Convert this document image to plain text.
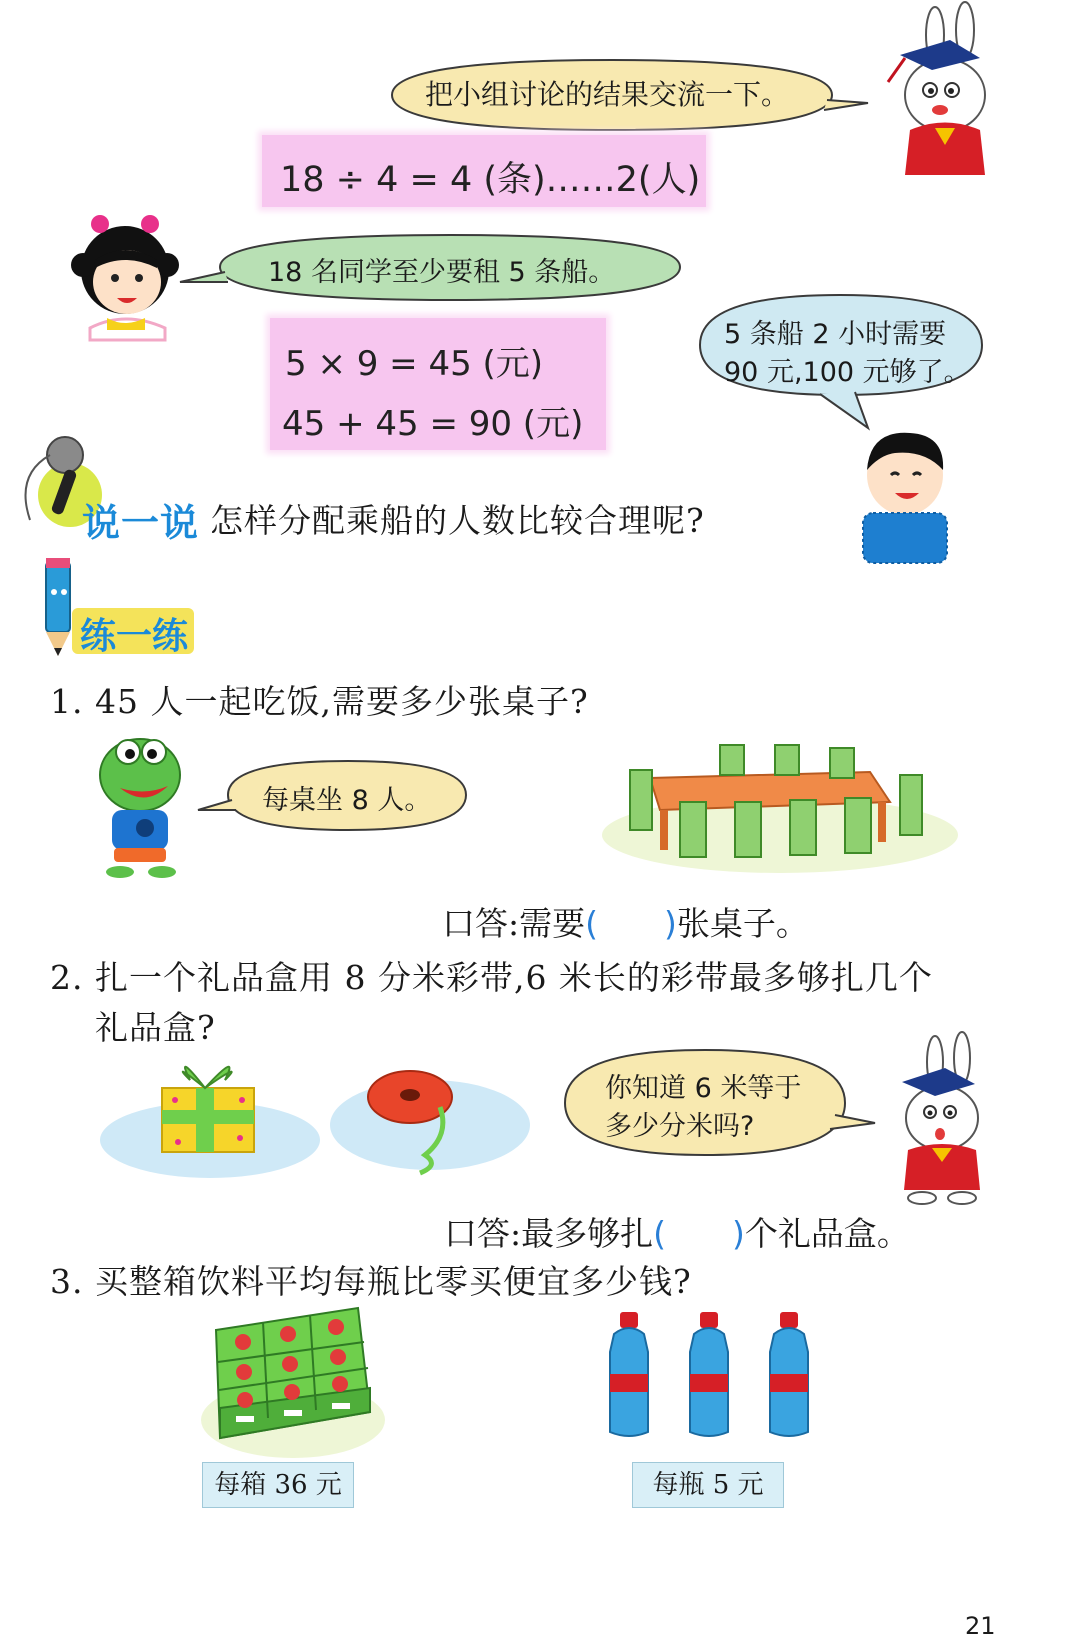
把小组讨论的结果交流一下。
18 ÷ 4 = 4 (条)……2(人)
18 名同学至少要租 5 条船。
5 × 9 = 45 (元)
45 + 45 = 90 (元)
5 条船 2 小时需要
90 元,100 元够了。
说一说 怎样分配乘船的人数比较合理呢?
练一练
1. 45 人一起吃饭,需要多少张桌子?
每桌坐 8 人。
口答:需要( )张桌子。
2. 扎一个礼品盒用 8 分米彩带,6 米长的彩带最多够扎几个
礼品盒?
你知道 6 米等于
多少分米吗?
口答:最多够扎( )个礼品盒。
3. 买整箱饮料平均每瓶比零买便宜多少钱?
每箱 36 元	每瓶 5 元
21
